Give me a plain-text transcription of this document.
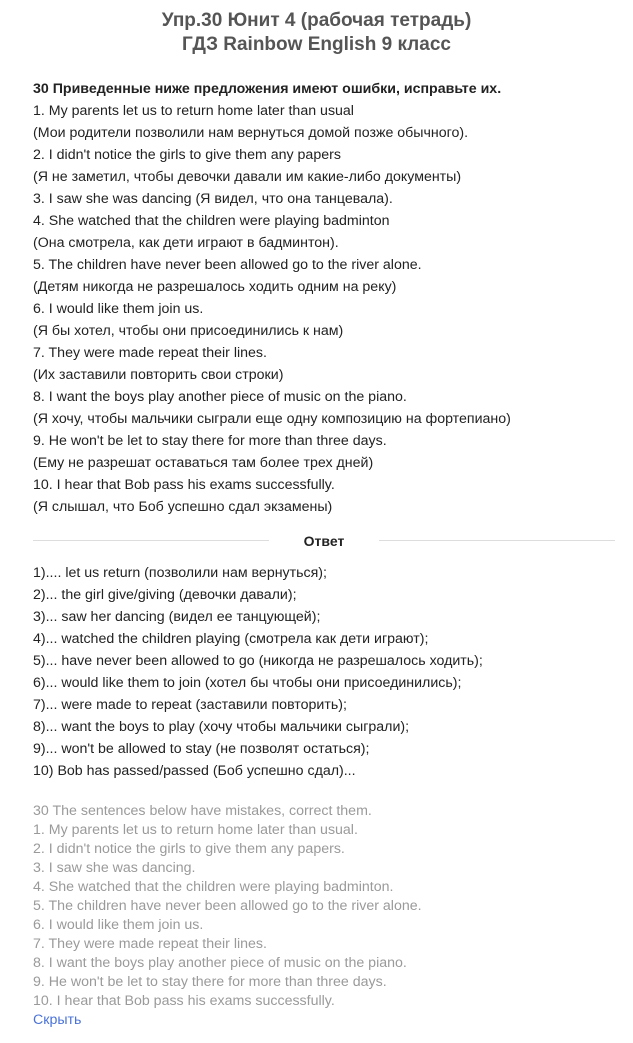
Упр.30 Юнит 4 (рабочая тетрадь)
ГДЗ Rainbow English 9 класс
30 Приведенные ниже предложения имеют ошибки, исправьте их.
1. My parents let us to return home later than usual
(Мои родители позволили нам вернуться домой позже обычного).
2. I didn't notice the girls to give them any papers
(Я не заметил, чтобы девочки давали им какие-либо документы)
3. I saw she was dancing (Я видел, что она танцевала).
4. She watched that the children were playing badminton
(Она смотрела, как дети играют в бадминтон).
5. The children have never been allowed go to the river alone.
(Детям никогда не разрешалось ходить одним на реку)
6. I would like them join us.
(Я бы хотел, чтобы они присоединились к нам)
7. They were made repeat their lines.
(Их заставили повторить свои строки)
8. I want the boys play another piece of music on the piano.
(Я хочу, чтобы мальчики сыграли еще одну композицию на фортепиано)
9. He won't be let to stay there for more than three days.
(Ему не разрешат оставаться там более трех дней)
10. I hear that Bob pass his exams successfully.
(Я слышал, что Боб успешно сдал экзамены)
Ответ
1).... let us return (позволили нам вернуться);
2)... the girl give/giving (девочки давали);
3)... saw her dancing (видел ее танцующей);
4)... watched the children playing (смотрела как дети играют);
5)... have never been allowed to go (никогда не разрешалось ходить);
6)... would like them to join (хотел бы чтобы они присоединились);
7)... were made to repeat (заставили повторить);
8)... want the boys to play (хочу чтобы мальчики сыграли);
9)... won't be allowed to stay (не позволят остаться);
10) Bob has passed/passed (Боб успешно сдал)...
30 The sentences below have mistakes, correct them.
1. My parents let us to return home later than usual.
2. I didn't notice the girls to give them any papers.
3. I saw she was dancing.
4. She watched that the children were playing badminton.
5. The children have never been allowed go to the river alone.
6. I would like them join us.
7. They were made repeat their lines.
8. I want the boys play another piece of music on the piano.
9. He won't be let to stay there for more than three days.
10. I hear that Bob pass his exams successfully.
Скрыть
